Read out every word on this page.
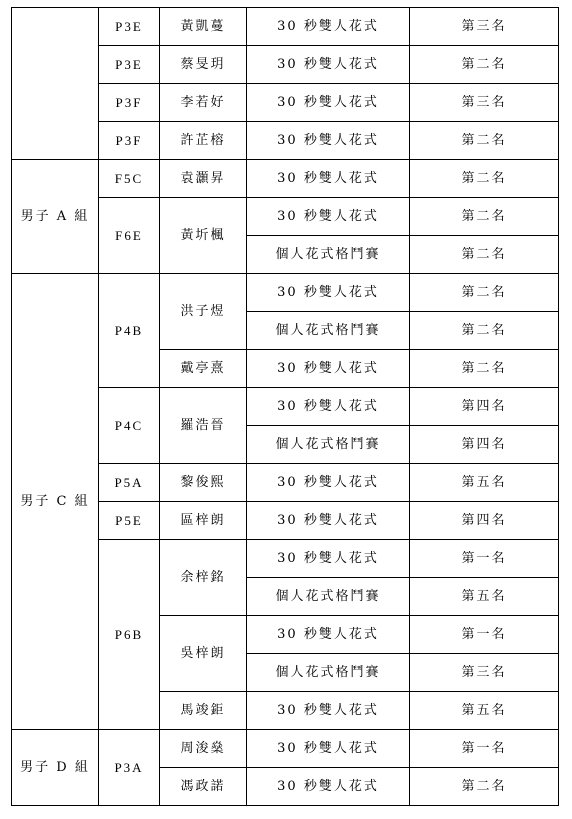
	P3E	黃凱蔓	30 秒雙人花式	第三名
	P3E	蔡旻玥	30 秒雙人花式	第二名
	P3F	李若好	30 秒雙人花式	第三名
	P3F	許芷榕	30 秒雙人花式	第二名
男子 A 組	F5C	袁灝昇	30 秒雙人花式	第二名
	F6E	黃圻楓	30 秒雙人花式	第二名
			個人花式格鬥賽	第二名
男子 C 組	P4B	洪子煜	30 秒雙人花式	第二名
			個人花式格鬥賽	第二名
		戴亭熹	30 秒雙人花式	第二名
	P4C	羅浩晉	30 秒雙人花式	第四名
			個人花式格鬥賽	第四名
	P5A	黎俊熙	30 秒雙人花式	第五名
	P5E	區梓朗	30 秒雙人花式	第四名
	P6B	余梓銘	30 秒雙人花式	第一名
			個人花式格鬥賽	第五名
		吳梓朗	30 秒雙人花式	第一名
			個人花式格鬥賽	第三名
		馬竣鉅	30 秒雙人花式	第五名
男子 D 組	P3A	周浚燊	30 秒雙人花式	第一名
		馮政諾	30 秒雙人花式	第二名
